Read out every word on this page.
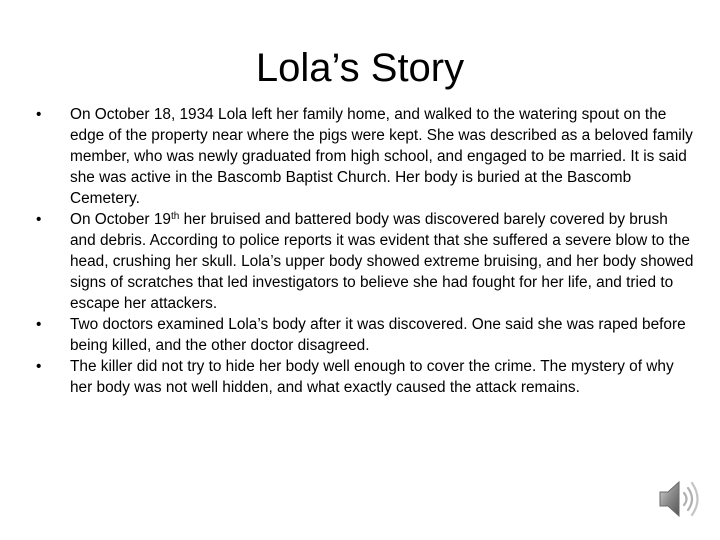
Lola’s Story
•	On October 18, 1934 Lola left her family home, and walked to the watering spout on the edge of the property near where the pigs were kept. She was described as a beloved family member, who was newly graduated from high school, and engaged to be married. It is said she was active in the Bascomb Baptist Church. Her body is buried at the Bascomb Cemetery.
•	On October 19th her bruised and battered body was discovered barely covered by brush and debris. According to police reports it was evident that she suffered a severe blow to the head, crushing her skull. Lola’s upper body showed extreme bruising, and her body showed signs of scratches that led investigators to believe she had fought for her life, and tried to escape her attackers.
•	Two doctors examined Lola’s body after it was discovered. One said she was raped before being killed, and the other doctor disagreed.
•	The killer did not try to hide her body well enough to cover the crime. The mystery of why her body was not well hidden, and what exactly caused the attack remains.
